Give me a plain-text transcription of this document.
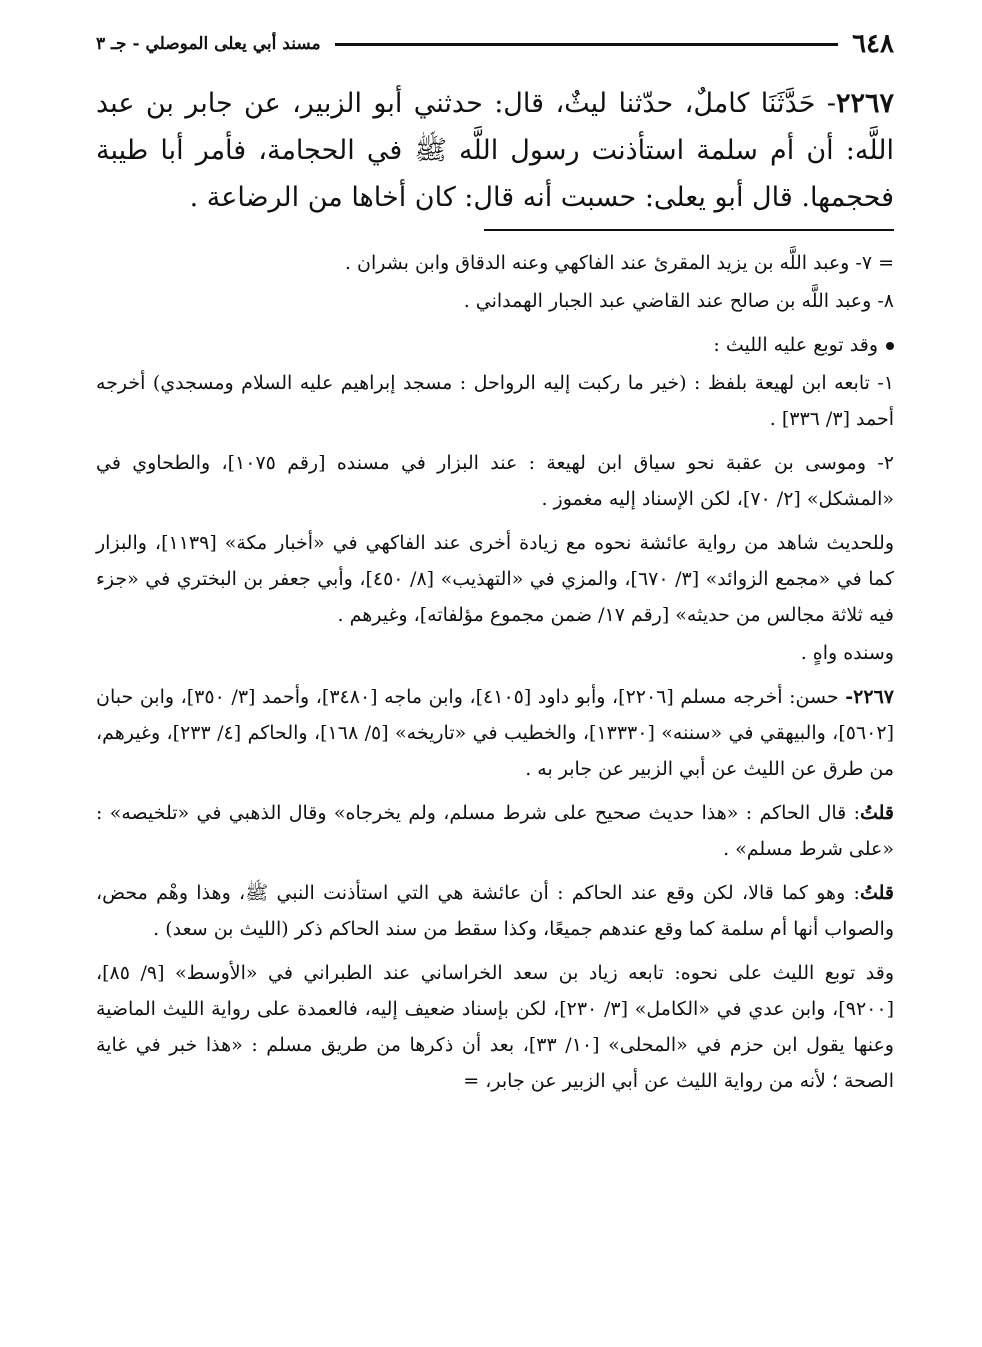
٦٤٨
مسند أبي يعلى الموصلي - جـ ٣

٢٢٦٧- حَدَّثَنَا كاملٌ، حدّثنا ليثٌ، قال: حدثني أبو الزبير، عن جابر بن عبد اللَّه: أن أم سلمة استأذنت رسول اللَّه ﷺ في الحجامة، فأمر أبا طيبة فحجمها. قال أبو يعلى: حسبت أنه قال: كان أخاها من الرضاعة .

= ٧- وعبد اللَّه بن يزيد المقرئ عند الفاكهي وعنه الدقاق وابن بشران .

٨- وعبد اللَّه بن صالح عند القاضي عبد الجبار الهمداني .

وقد توبع عليه الليث :

١- تابعه ابن لهيعة بلفظ : (خير ما ركبت إليه الرواحل : مسجد إبراهيم عليه السلام ومسجدي) أخرجه أحمد [٣/ ٣٣٦] .

٢- وموسى بن عقبة نحو سياق ابن لهيعة : عند البزار في مسنده [رقم ١٠٧٥]، والطحاوي في «المشكل» [٢/ ٧٠]، لكن الإسناد إليه مغموز .

وللحديث شاهد من رواية عائشة نحوه مع زيادة أخرى عند الفاكهي في «أخبار مكة» [١١٣٩]، والبزار كما في «مجمع الزوائد» [٣/ ٦٧٠]، والمزي في «التهذيب» [٨/ ٤٥٠]، وأبي جعفر بن البختري في «جزء فيه ثلاثة مجالس من حديثه» [رقم ١٧/ ضمن مجموع مؤلفاته]، وغيرهم .

وسنده واهٍ .

٢٢٦٧- حسن: أخرجه مسلم [٢٢٠٦]، وأبو داود [٤١٠٥]، وابن ماجه [٣٤٨٠]، وأحمد [٣/ ٣٥٠]، وابن حبان [٥٦٠٢]، والبيهقي في «سننه» [١٣٣٣٠]، والخطيب في «تاريخه» [٥/ ١٦٨]، والحاكم [٤/ ٢٣٣]، وغيرهم، من طرق عن الليث عن أبي الزبير عن جابر به .

قلتُ: قال الحاكم : «هذا حديث صحيح على شرط مسلم، ولم يخرجاه» وقال الذهبي في «تلخيصه» : «على شرط مسلم» .

قلتُ: وهو كما قالا، لكن وقع عند الحاكم : أن عائشة هي التي استأذنت النبي ﷺ، وهذا وهْم محض، والصواب أنها أم سلمة كما وقع عندهم جميعًا، وكذا سقط من سند الحاكم ذكر (الليث بن سعد) .

وقد توبع الليث على نحوه: تابعه زياد بن سعد الخراساني عند الطبراني في «الأوسط» [٩/ ٨٥]، [٩٢٠٠]، وابن عدي في «الكامل» [٣/ ٢٣٠]، لكن بإسناد ضعيف إليه، فالعمدة على رواية الليث الماضية وعنها يقول ابن حزم في «المحلى» [١٠/ ٣٣]، بعد أن ذكرها من طريق مسلم : «هذا خبر في غاية الصحة ؛ لأنه من رواية الليث عن أبي الزبير عن جابر، =
